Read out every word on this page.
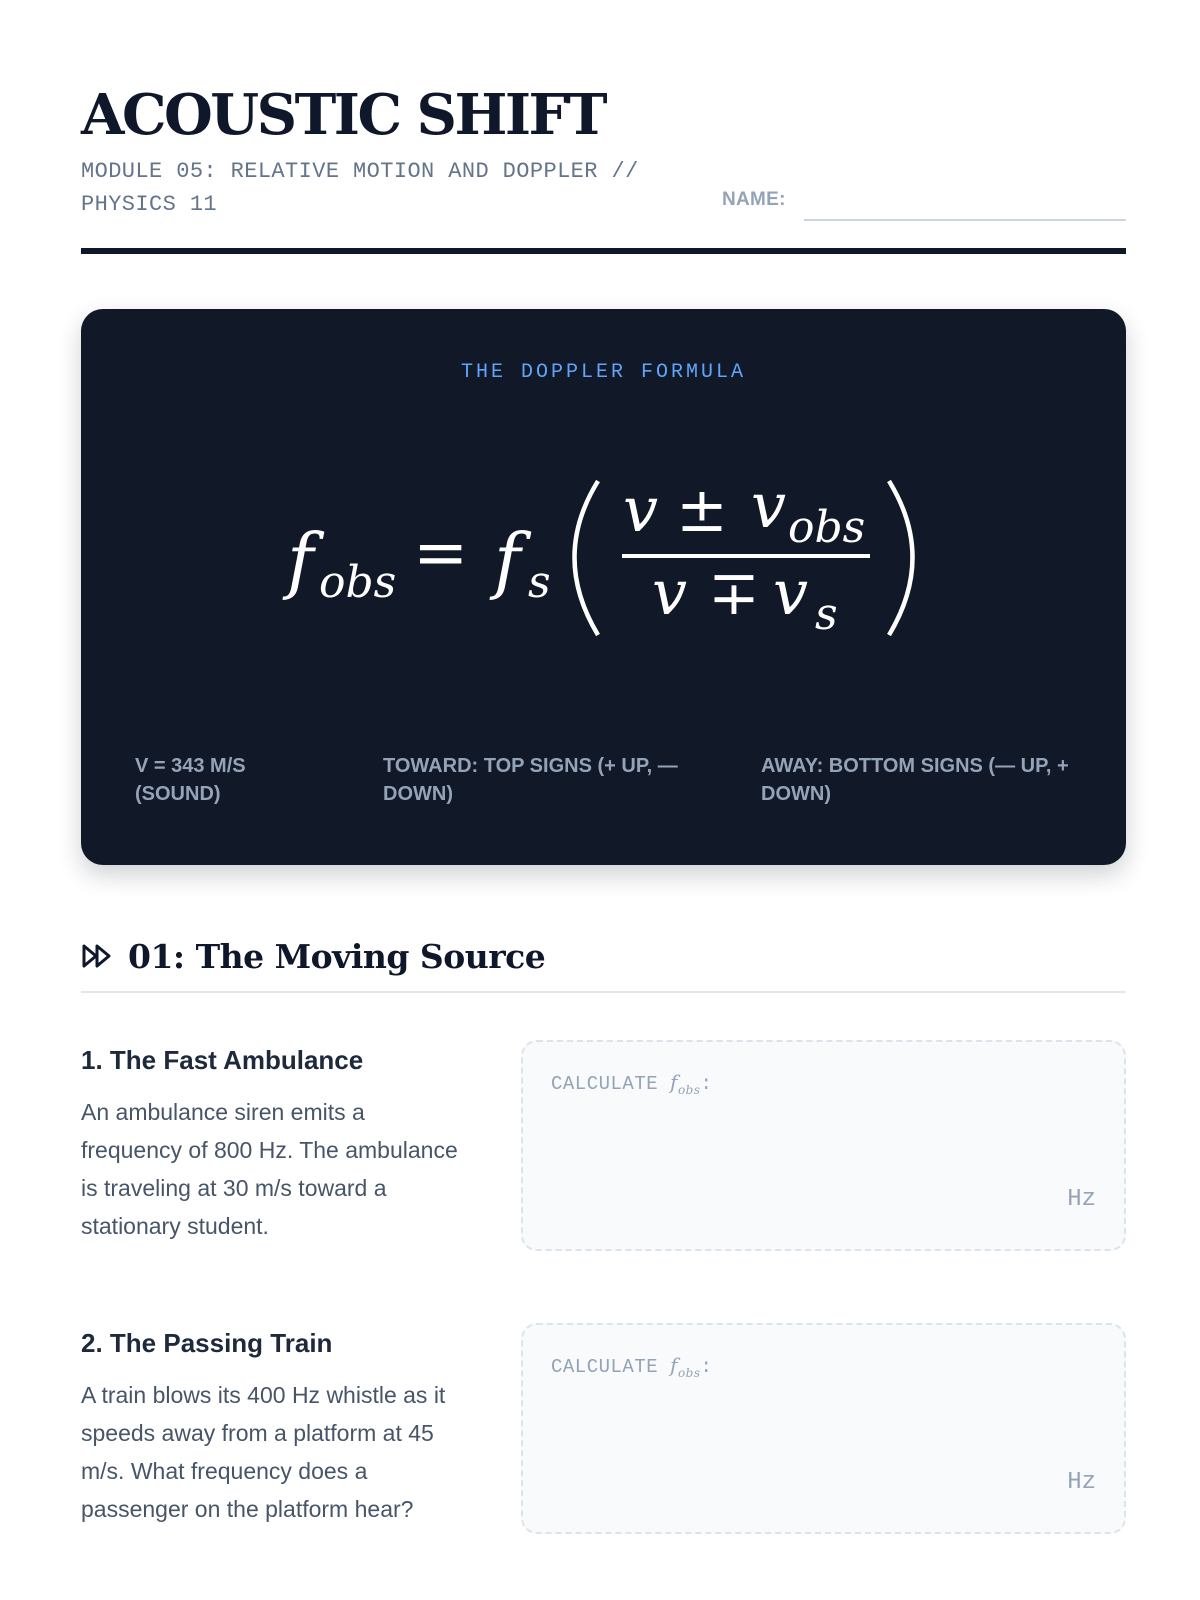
ACOUSTIC SHIFT
MODULE 05: RELATIVE MOTION AND DOPPLER // PHYSICS 11	NAME:
THE DOPPLER FORMULA
f obs = f s
v ± v obs
v ∓ v s
V = 343 M/S (SOUND)
TOWARD: TOP SIGNS (+ UP, — DOWN)
AWAY: BOTTOM SIGNS (— UP, + DOWN)
01: The Moving Source
1. The Fast Ambulance

An ambulance siren emits a frequency of 800 Hz. The ambulance is traveling at 30 m/s toward a stationary student.

CALCULATE $f_{obs}$:
Hz
2. The Passing Train

A train blows its 400 Hz whistle as it speeds away from a platform at 45 m/s. What frequency does a passenger on the platform hear?

CALCULATE $f_{obs}$:
Hz
